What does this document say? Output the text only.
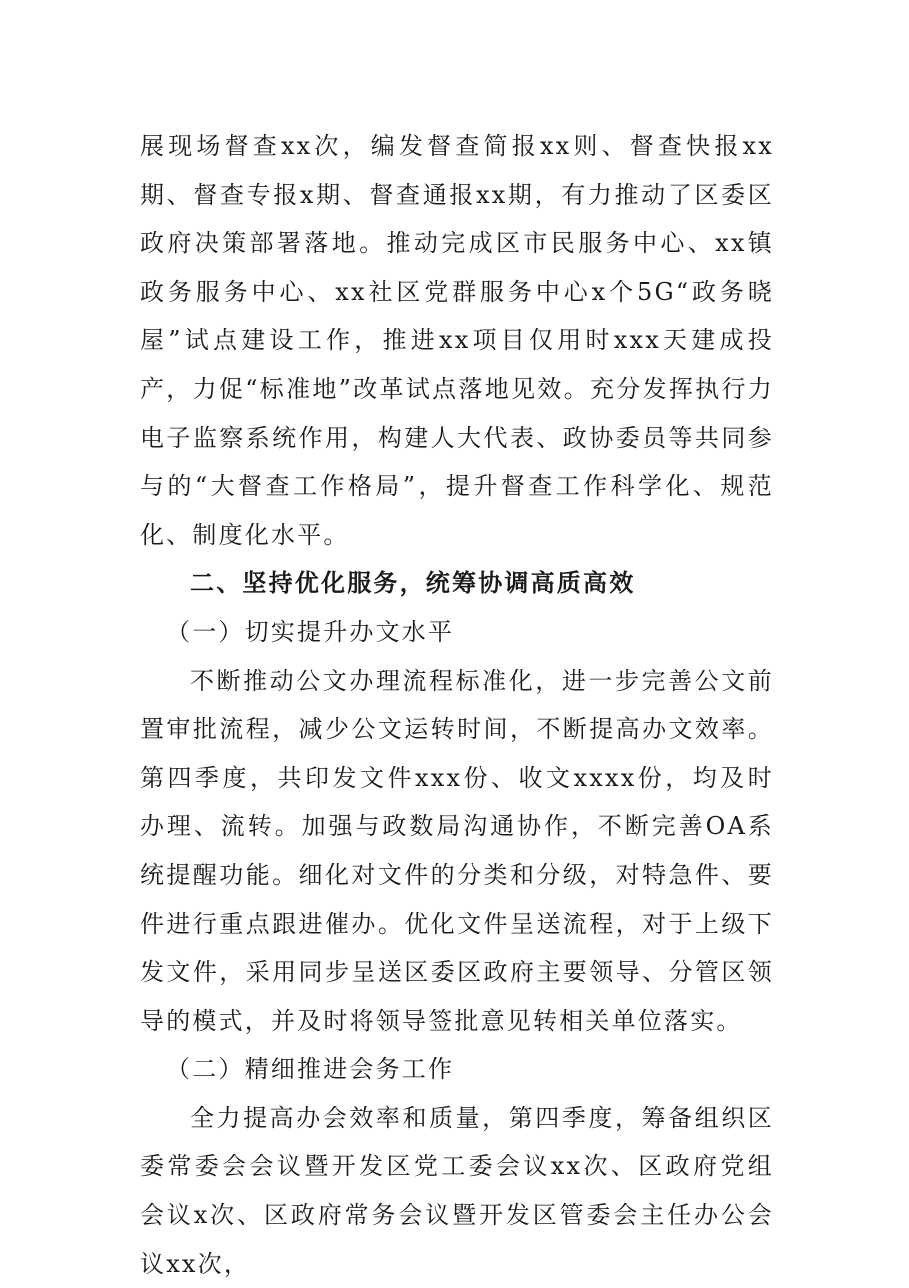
展现场督查xx次，编发督查简报xx则、督查快报xx期、督查专报x期、督查通报xx期，有力推动了区委区政府决策部署落地。推动完成区市民服务中心、xx镇政务服务中心、xx社区党群服务中心x个5G“政务晓屋”试点建设工作，推进xx项目仅用时xxx天建成投产，力促“标准地”改革试点落地见效。充分发挥执行力电子监察系统作用，构建人大代表、政协委员等共同参与的“大督查工作格局”，提升督查工作科学化、规范化、制度化水平。

二、坚持优化服务，统筹协调高质高效

（一）切实提升办文水平

不断推动公文办理流程标准化，进一步完善公文前置审批流程，减少公文运转时间，不断提高办文效率。第四季度，共印发文件xxx份、收文xxxx份，均及时办理、流转。加强与政数局沟通协作，不断完善OA系统提醒功能。细化对文件的分类和分级，对特急件、要件进行重点跟进催办。优化文件呈送流程，对于上级下发文件，采用同步呈送区委区政府主要领导、分管区领导的模式，并及时将领导签批意见转相关单位落实。

（二）精细推进会务工作

全力提高办会效率和质量，第四季度，筹备组织区委常委会会议暨开发区党工委会议xx次、区政府党组会议x次、区政府常务会议暨开发区管委会主任办公会议xx次，
